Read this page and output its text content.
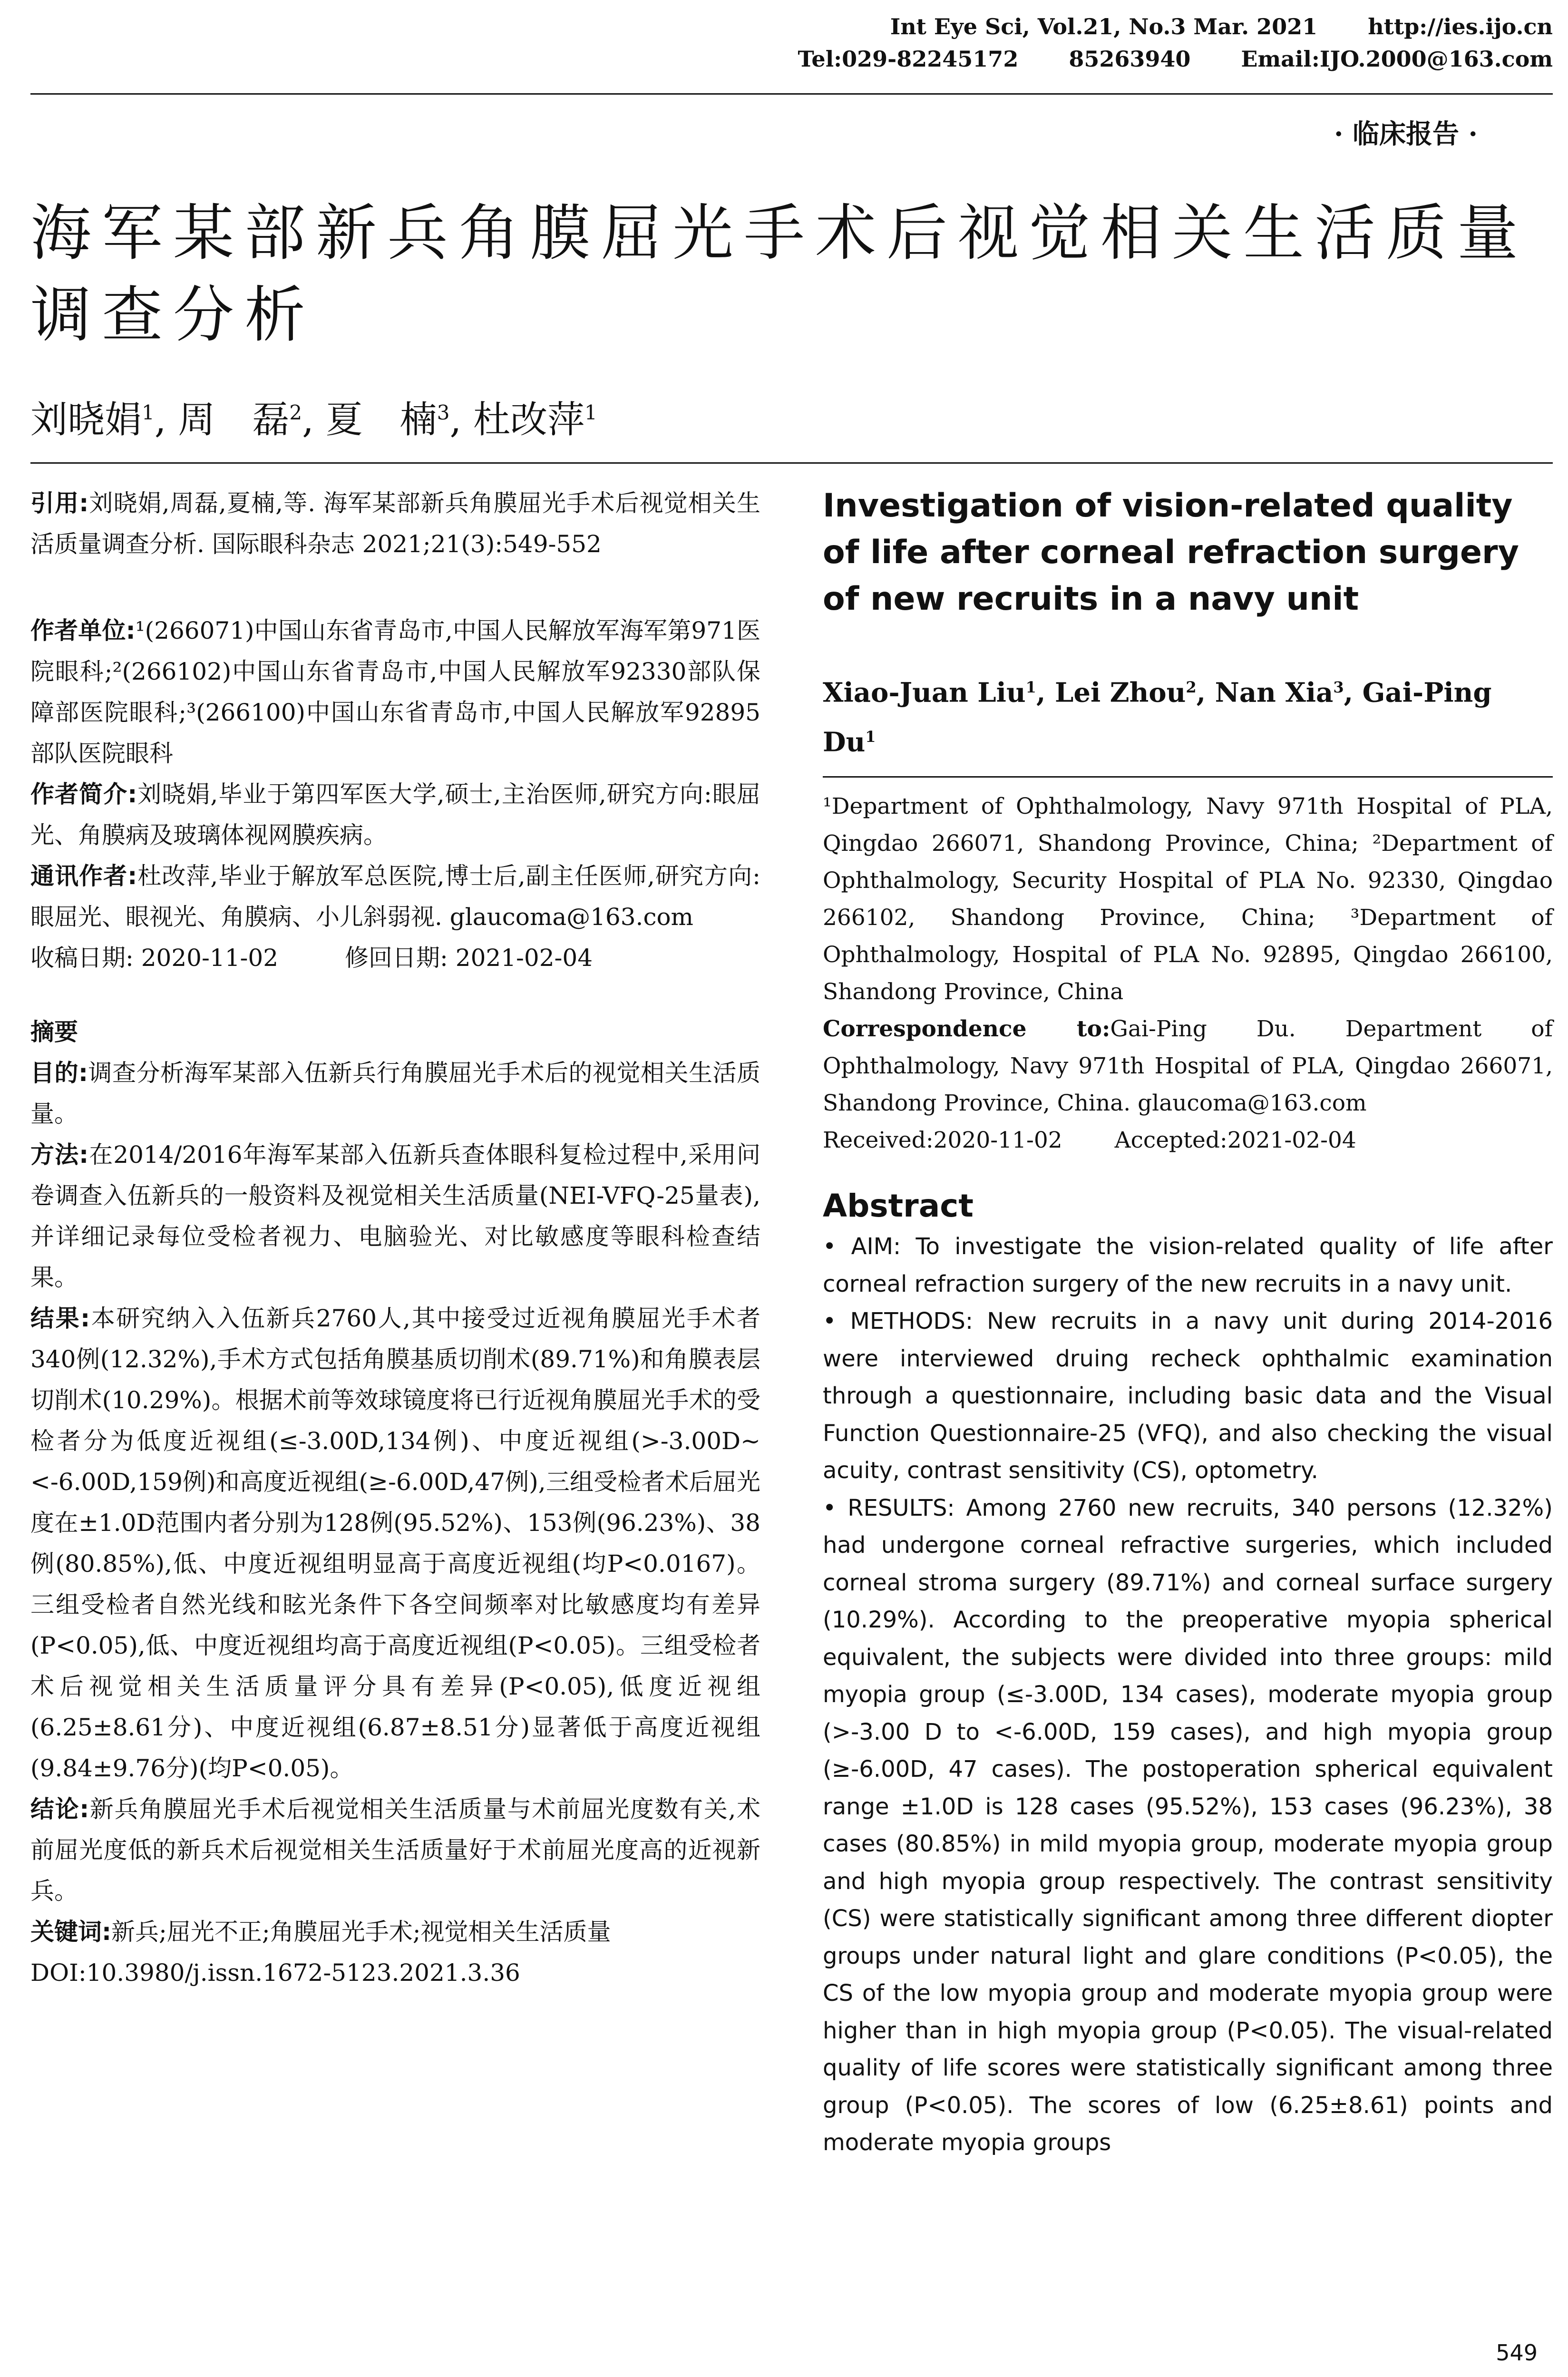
Int Eye Sci, Vol.21, No.3 Mar. 2021 http://ies.ijo.cn
Tel:029-82245172 85263940 Email:IJO.2000@163.com
· 临床报告 ·
海军某部新兵角膜屈光手术后视觉相关生活质量调查分析
刘晓娟$^1$, 周　磊$^2$, 夏　楠$^3$, 杜改萍$^1$

引用:刘晓娟,周磊,夏楠,等. 海军某部新兵角膜屈光手术后视觉相关生活质量调查分析. 国际眼科杂志 2021;21(3):549-552

作者单位:¹(266071)中国山东省青岛市,中国人民解放军海军第971医院眼科;²(266102)中国山东省青岛市,中国人民解放军92330部队保障部医院眼科;³(266100)中国山东省青岛市,中国人民解放军92895部队医院眼科

作者简介:刘晓娟,毕业于第四军医大学,硕士,主治医师,研究方向:眼屈光、角膜病及玻璃体视网膜疾病。

通讯作者:杜改萍,毕业于解放军总医院,博士后,副主任医师,研究方向:眼屈光、眼视光、角膜病、小儿斜弱视. glaucoma@163.com

收稿日期: 2020-11-02	修回日期: 2021-02-04

摘要

目的:调查分析海军某部入伍新兵行角膜屈光手术后的视觉相关生活质量。

方法:在2014/2016年海军某部入伍新兵查体眼科复检过程中,采用问卷调查入伍新兵的一般资料及视觉相关生活质量(NEI-VFQ-25量表),并详细记录每位受检者视力、电脑验光、对比敏感度等眼科检查结果。

结果:本研究纳入入伍新兵2760人,其中接受过近视角膜屈光手术者340例(12.32%),手术方式包括角膜基质切削术(89.71%)和角膜表层切削术(10.29%)。根据术前等效球镜度将已行近视角膜屈光手术的受检者分为低度近视组(≤-3.00D,134例)、中度近视组(>-3.00D~<-6.00D,159例)和高度近视组(≥-6.00D,47例),三组受检者术后屈光度在±1.0D范围内者分别为128例(95.52%)、153例(96.23%)、38例(80.85%),低、中度近视组明显高于高度近视组(均P<0.0167)。三组受检者自然光线和眩光条件下各空间频率对比敏感度均有差异(P<0.05),低、中度近视组均高于高度近视组(P<0.05)。三组受检者术后视觉相关生活质量评分具有差异(P<0.05),低度近视组(6.25±8.61分)、中度近视组(6.87±8.51分)显著低于高度近视组(9.84±9.76分)(均P<0.05)。

结论:新兵角膜屈光手术后视觉相关生活质量与术前屈光度数有关,术前屈光度低的新兵术后视觉相关生活质量好于术前屈光度高的近视新兵。

关键词:新兵;屈光不正;角膜屈光手术;视觉相关生活质量

DOI:10.3980/j.issn.1672-5123.2021.3.36

Investigation of vision-related quality of life after corneal refraction surgery of new recruits in a navy unit

Xiao-Juan Liu$^1$, Lei Zhou$^2$, Nan Xia$^3$, Gai-Ping Du$^1$

¹Department of Ophthalmology, Navy 971th Hospital of PLA, Qingdao 266071, Shandong Province, China; ²Department of Ophthalmology, Security Hospital of PLA No. 92330, Qingdao 266102, Shandong Province, China; ³Department of Ophthalmology, Hospital of PLA No. 92895, Qingdao 266100, Shandong Province, China

Correspondence to:Gai-Ping Du. Department of Ophthalmology, Navy 971th Hospital of PLA, Qingdao 266071, Shandong Province, China. glaucoma@163.com

Received:2020-11-02 Accepted:2021-02-04

Abstract

• AIM: To investigate the vision-related quality of life after corneal refraction surgery of the new recruits in a navy unit.

• METHODS: New recruits in a navy unit during 2014-2016 were interviewed druing recheck ophthalmic examination through a questionnaire, including basic data and the Visual Function Questionnaire-25 (VFQ), and also checking the visual acuity, contrast sensitivity (CS), optometry.

• RESULTS: Among 2760 new recruits, 340 persons (12.32%) had undergone corneal refractive surgeries, which included corneal stroma surgery (89.71%) and corneal surface surgery (10.29%). According to the preoperative myopia spherical equivalent, the subjects were divided into three groups: mild myopia group (≤-3.00D, 134 cases), moderate myopia group (>-3.00 D to <-6.00D, 159 cases), and high myopia group (≥-6.00D, 47 cases). The postoperation spherical equivalent range ±1.0D is 128 cases (95.52%), 153 cases (96.23%), 38 cases (80.85%) in mild myopia group, moderate myopia group and high myopia group respectively. The contrast sensitivity (CS) were statistically significant among three different diopter groups under natural light and glare conditions (P<0.05), the CS of the low myopia group and moderate myopia group were higher than in high myopia group (P<0.05). The visual-related quality of life scores were statistically significant among three group (P<0.05). The scores of low (6.25±8.61) points and moderate myopia groups

549
